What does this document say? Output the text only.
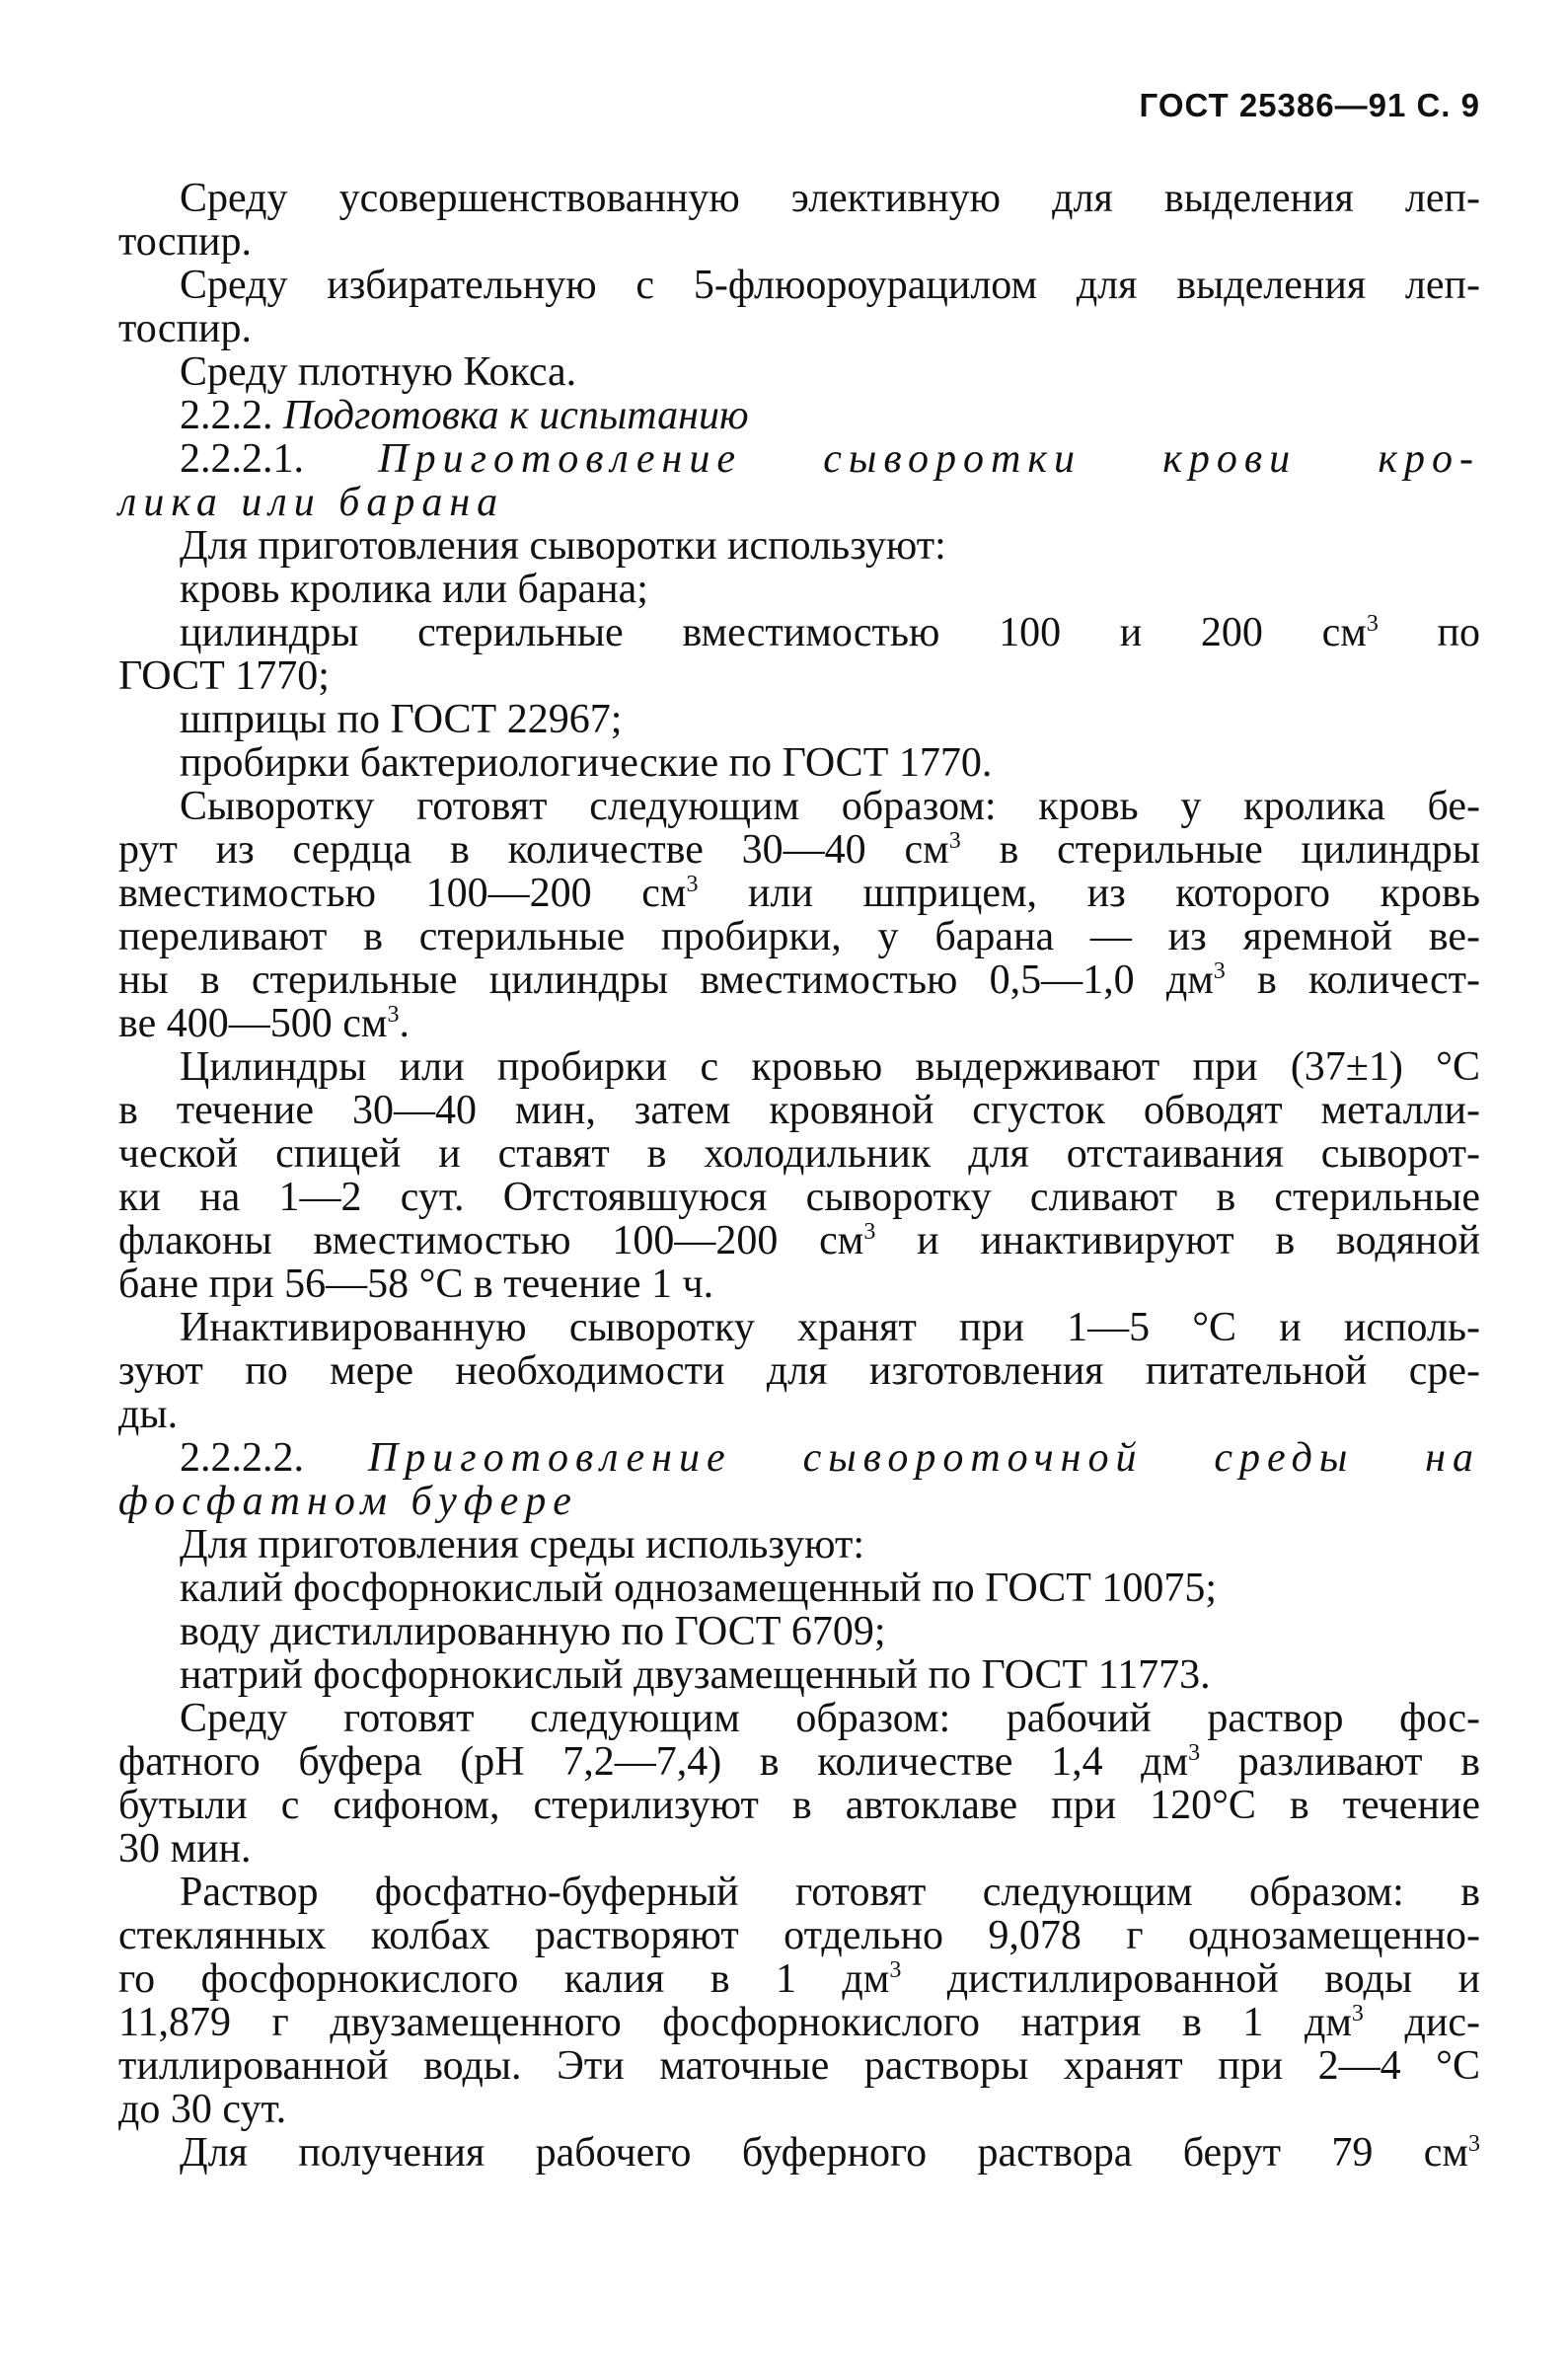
ГОСТ 25386—91 С. 9
Среду усовершенствованную элективную для выделения леп-
тоспир.
Среду избирательную с 5-флюороурацилом для выделения леп-
тоспир.
Среду плотную Кокса.
2.2.2. Подготовка к испытанию
2.2.2.1. Приготовление сыворотки крови кро-
лика или барана
Для приготовления сыворотки используют:
кровь кролика или барана;
цилиндры стерильные вместимостью 100 и 200 $см^3$ по
ГОСТ 1770;
шприцы по ГОСТ 22967;
пробирки бактериологические по ГОСТ 1770.
Сыворотку готовят следующим образом: кровь у кролика бе-
рут из сердца в количестве 30—40 $см^3$ в стерильные цилиндры
вместимостью 100—200 $см^3$ или шприцем, из которого кровь
переливают в стерильные пробирки, у барана — из яремной ве-
ны в стерильные цилиндры вместимостью 0,5—1,0 $дм^3$ в количест-
ве 400—500 $см^3$.
Цилиндры или пробирки с кровью выдерживают при (37±1) °С
в течение 30—40 мин, затем кровяной сгусток обводят металли-
ческой спицей и ставят в холодильник для отстаивания сыворот-
ки на 1—2 сут. Отстоявшуюся сыворотку сливают в стерильные
флаконы вместимостью 100—200 $см^3$ и инактивируют в водяной
бане при 56—58 °С в течение 1 ч.
Инактивированную сыворотку хранят при 1—5 °С и исполь-
зуют по мере необходимости для изготовления питательной сре-
ды.
2.2.2.2. Приготовление сывороточной среды на
фосфатном буфере
Для приготовления среды используют:
калий фосфорнокислый однозамещенный по ГОСТ 10075;
воду дистиллированную по ГОСТ 6709;
натрий фосфорнокислый двузамещенный по ГОСТ 11773.
Среду готовят следующим образом: рабочий раствор фос-
фатного буфера (рН 7,2—7,4) в количестве 1,4 $дм^3$ разливают в
бутыли с сифоном, стерилизуют в автоклаве при 120°С в течение
30 мин.
Раствор фосфатно-буферный готовят следующим образом: в
стеклянных колбах растворяют отдельно 9,078 г однозамещенно-
го фосфорнокислого калия в 1 $дм^3$ дистиллированной воды и
11,879 г двузамещенного фосфорнокислого натрия в 1 $дм^3$ дис-
тиллированной воды. Эти маточные растворы хранят при 2—4 °С
до 30 сут.
Для получения рабочего буферного раствора берут 79 $см^3$
